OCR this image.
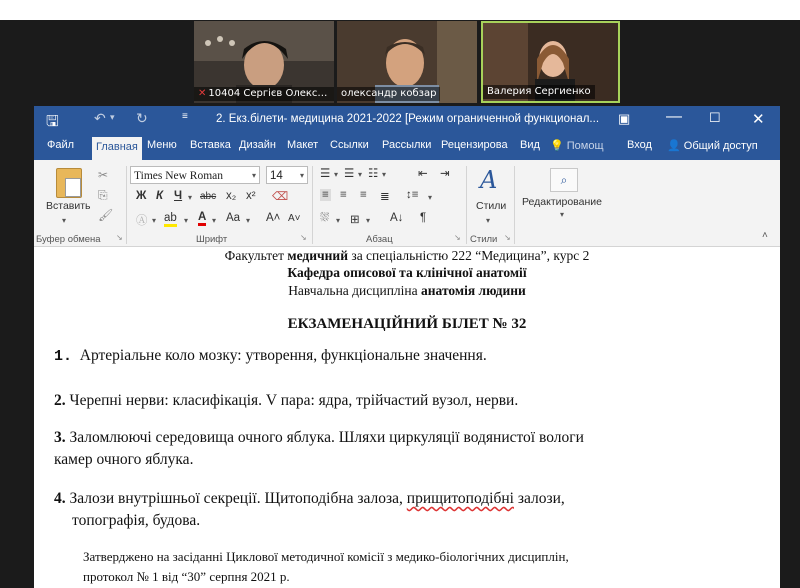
✕ 10404 Сергієв Олекса...	олександр кобзар	Валерия Сергиенко
🖫	↶ ▾ ↻	≡ 2. Екз.білети- медицина 2021-2022 [Режим ограниченной функционал... ▣ — ☐ ✕
Файл	Главная Меню Вставка Дизайн Макет Ссылки Рассылки Рецензирова Вид 💡 Помощ Вход 👤 Общий доступ
Вставить
▾
✂
⎘
🖌
Буфер обмена ↘
Times New Roman	▾	14	▾
Ж К Ч ▾ abc x₂ x² ⌫
Ⓐ ▾ ab ▾ A ▾ Aa ▾ A˄ A˅
Шрифт	↘
☰ ▾ ☰ ▾ ☷ ▾	⇤ ⇥
≡ ≡ ≡ ≣ ↕≡ ▾
⛆ ▾ ⊞ ▾ A↓ ¶
Абзац	↘
A
Стили
▾
Стили ↘
⌕
Редактирование
▾
˄
Факультет медичний за спеціальністю 222 “Медицина”, курс 2
Кафедра описової та клінічної анатомії
Навчальна дисципліна анатомія людини
ЕКЗАМЕНАЦІЙНИЙ БІЛЕТ № 32
1. Артеріальне коло мозку: утворення, функціональне значення.
2. Черепні нерви: класифікація. V пара: ядра, трійчастий вузол, нерви.
3. Заломлюючі середовища очного яблука. Шляхи циркуляції водянистої вологи
камер очного яблука.
4. Залози внутрішньої секреції. Щитоподібна залоза, прищитоподібні залози,
топографія, будова.
Затверджено на засіданні Циклової методичної комісії з медико-біологічних дисциплін,
протокол № 1 від “30” серпня 2021 р.
